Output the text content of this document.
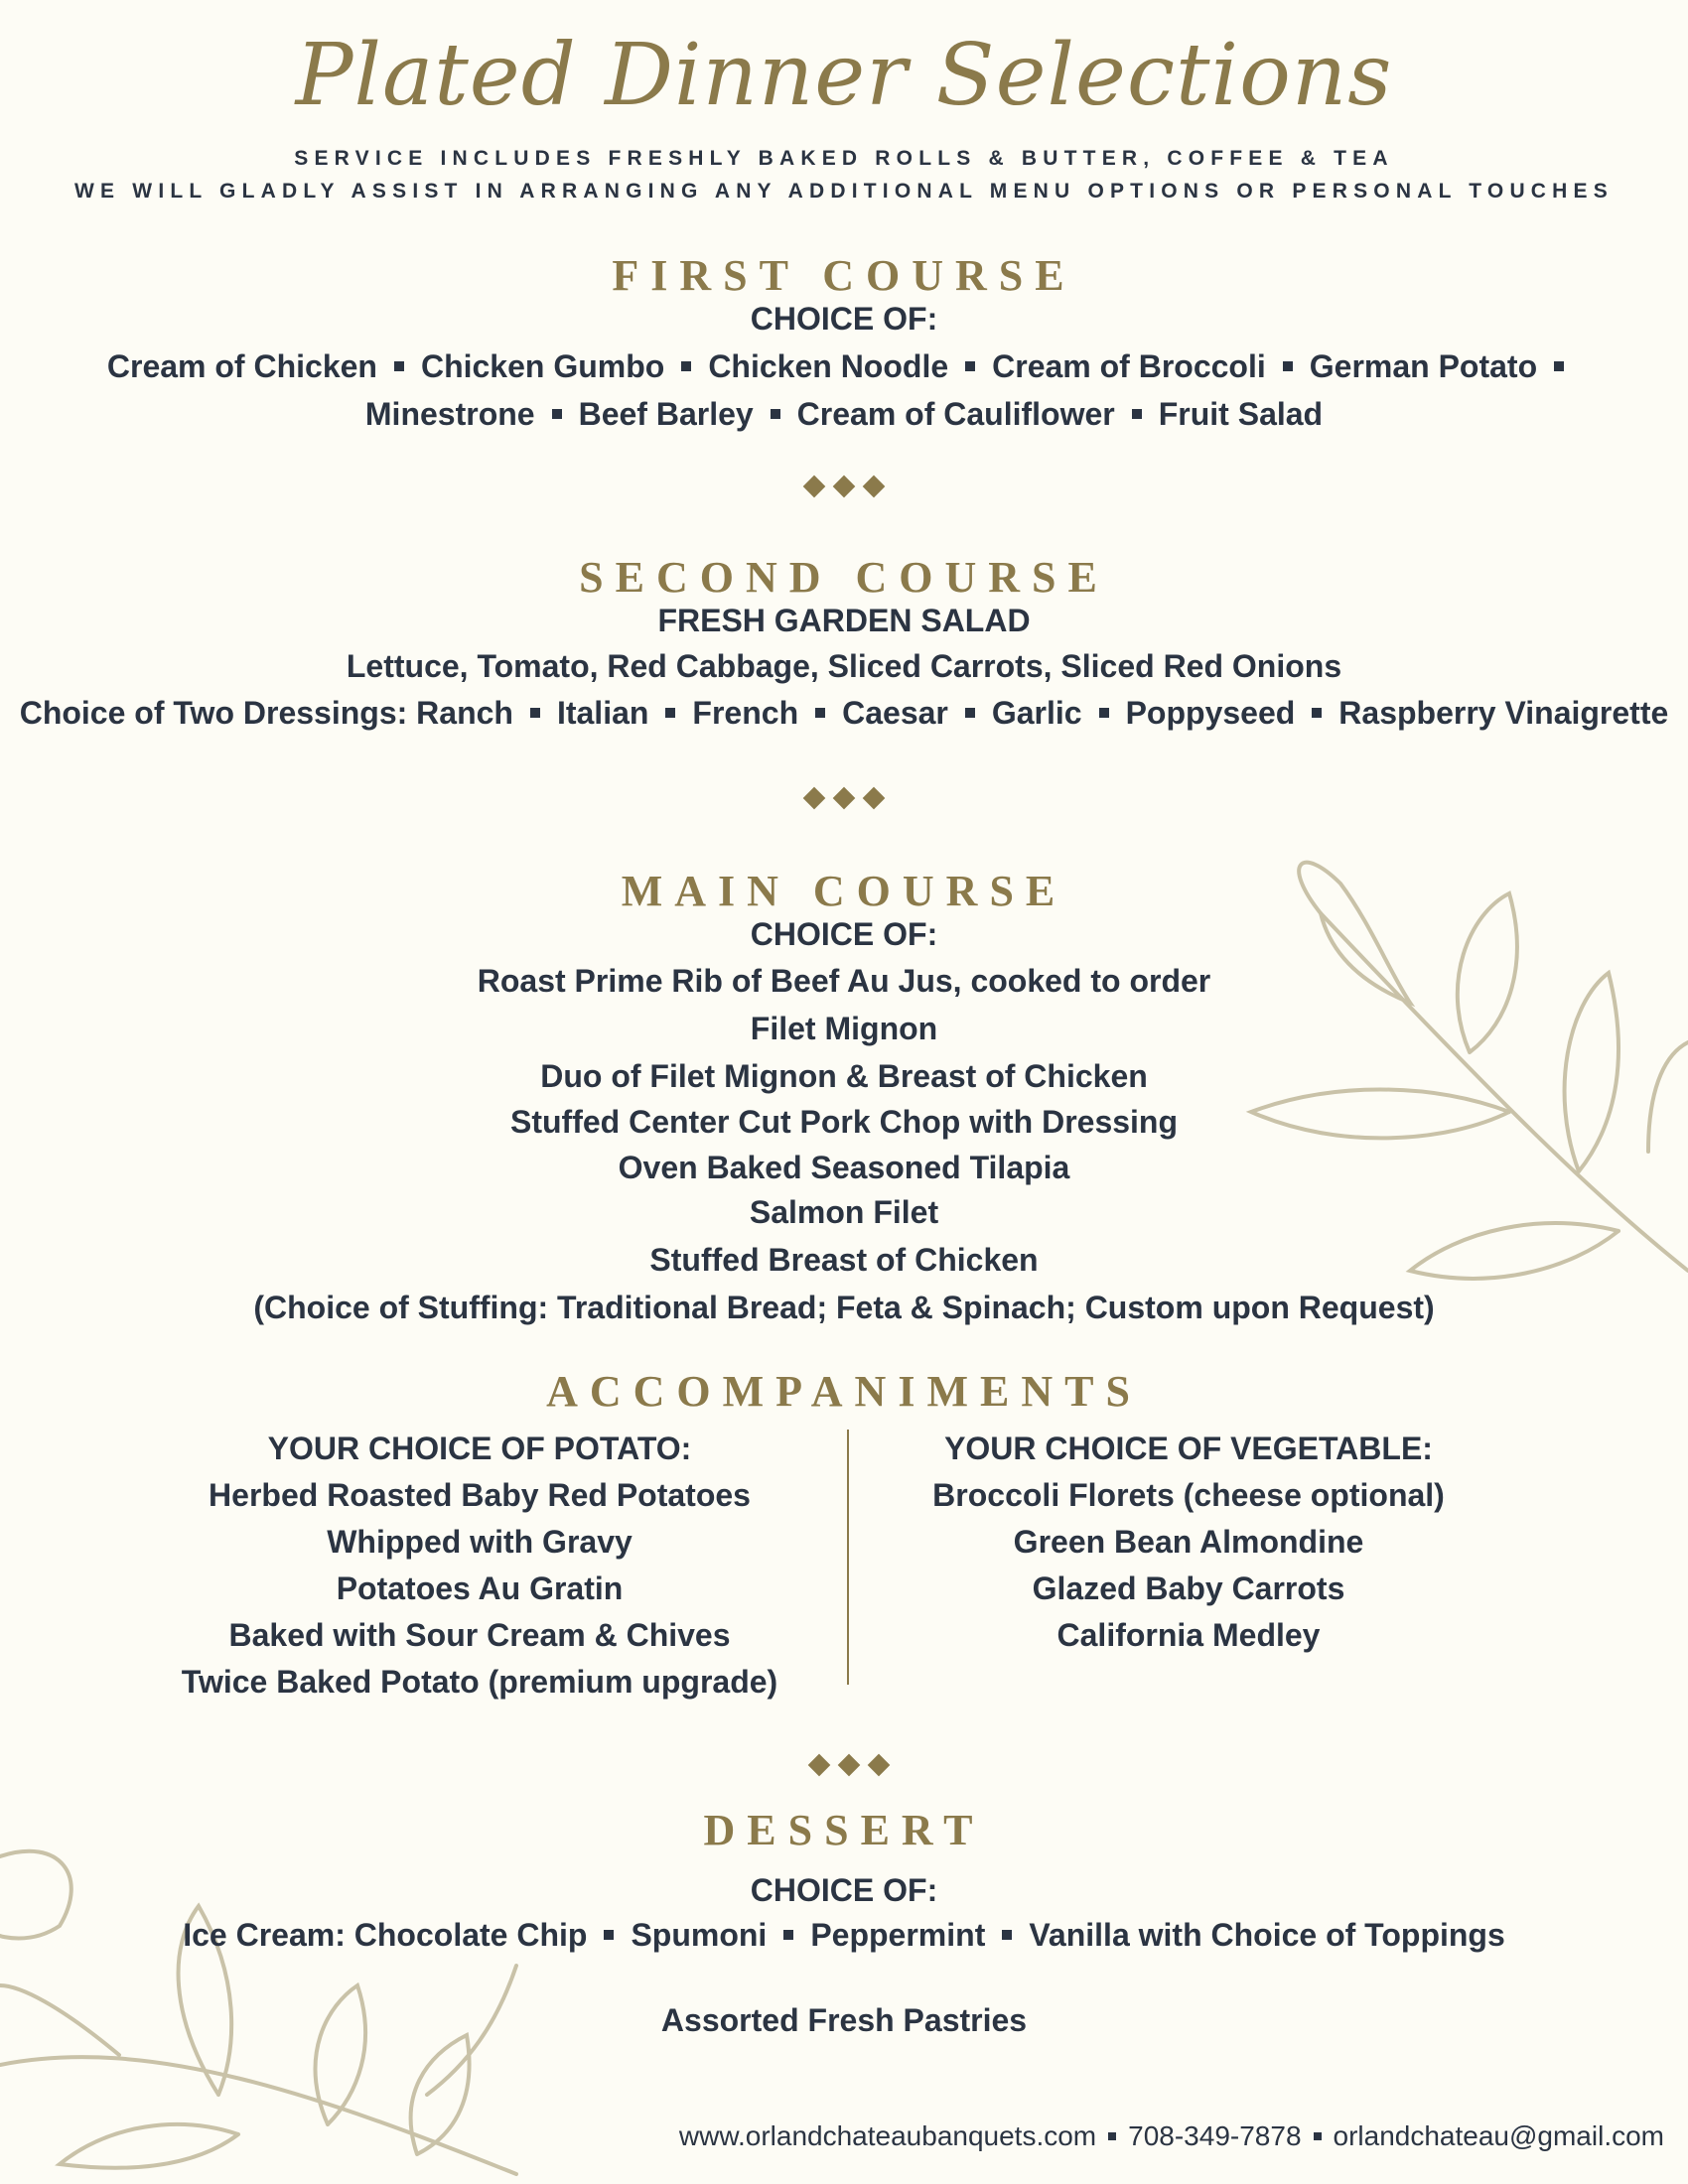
Plated Dinner Selections
SERVICE INCLUDES FRESHLY BAKED ROLLS & BUTTER, COFFEE & TEA
WE WILL GLADLY ASSIST IN ARRANGING ANY ADDITIONAL MENU OPTIONS OR PERSONAL TOUCHES
FIRST COURSE
CHOICE OF:
Cream of Chicken Chicken Gumbo Chicken Noodle Cream of Broccoli German Potato
Minestrone Beef Barley Cream of Cauliflower Fruit Salad
SECOND COURSE
FRESH GARDEN SALAD
Lettuce, Tomato, Red Cabbage, Sliced Carrots, Sliced Red Onions
Choice of Two Dressings: Ranch Italian French Caesar Garlic Poppyseed Raspberry Vinaigrette
MAIN COURSE
CHOICE OF:
Roast Prime Rib of Beef Au Jus, cooked to order
Filet Mignon
Duo of Filet Mignon & Breast of Chicken
Stuffed Center Cut Pork Chop with Dressing
Oven Baked Seasoned Tilapia
Salmon Filet
Stuffed Breast of Chicken
(Choice of Stuffing: Traditional Bread; Feta & Spinach; Custom upon Request)
ACCOMPANIMENTS
YOUR CHOICE OF POTATO:
Herbed Roasted Baby Red Potatoes
Whipped with Gravy
Potatoes Au Gratin
Baked with Sour Cream & Chives
Twice Baked Potato (premium upgrade)
YOUR CHOICE OF VEGETABLE:
Broccoli Florets (cheese optional)
Green Bean Almondine
Glazed Baby Carrots
California Medley
DESSERT
CHOICE OF:
Ice Cream: Chocolate Chip Spumoni Peppermint Vanilla with Choice of Toppings
Assorted Fresh Pastries
www.orlandchateaubanquets.com 708-349-7878 orlandchateau@gmail.com
